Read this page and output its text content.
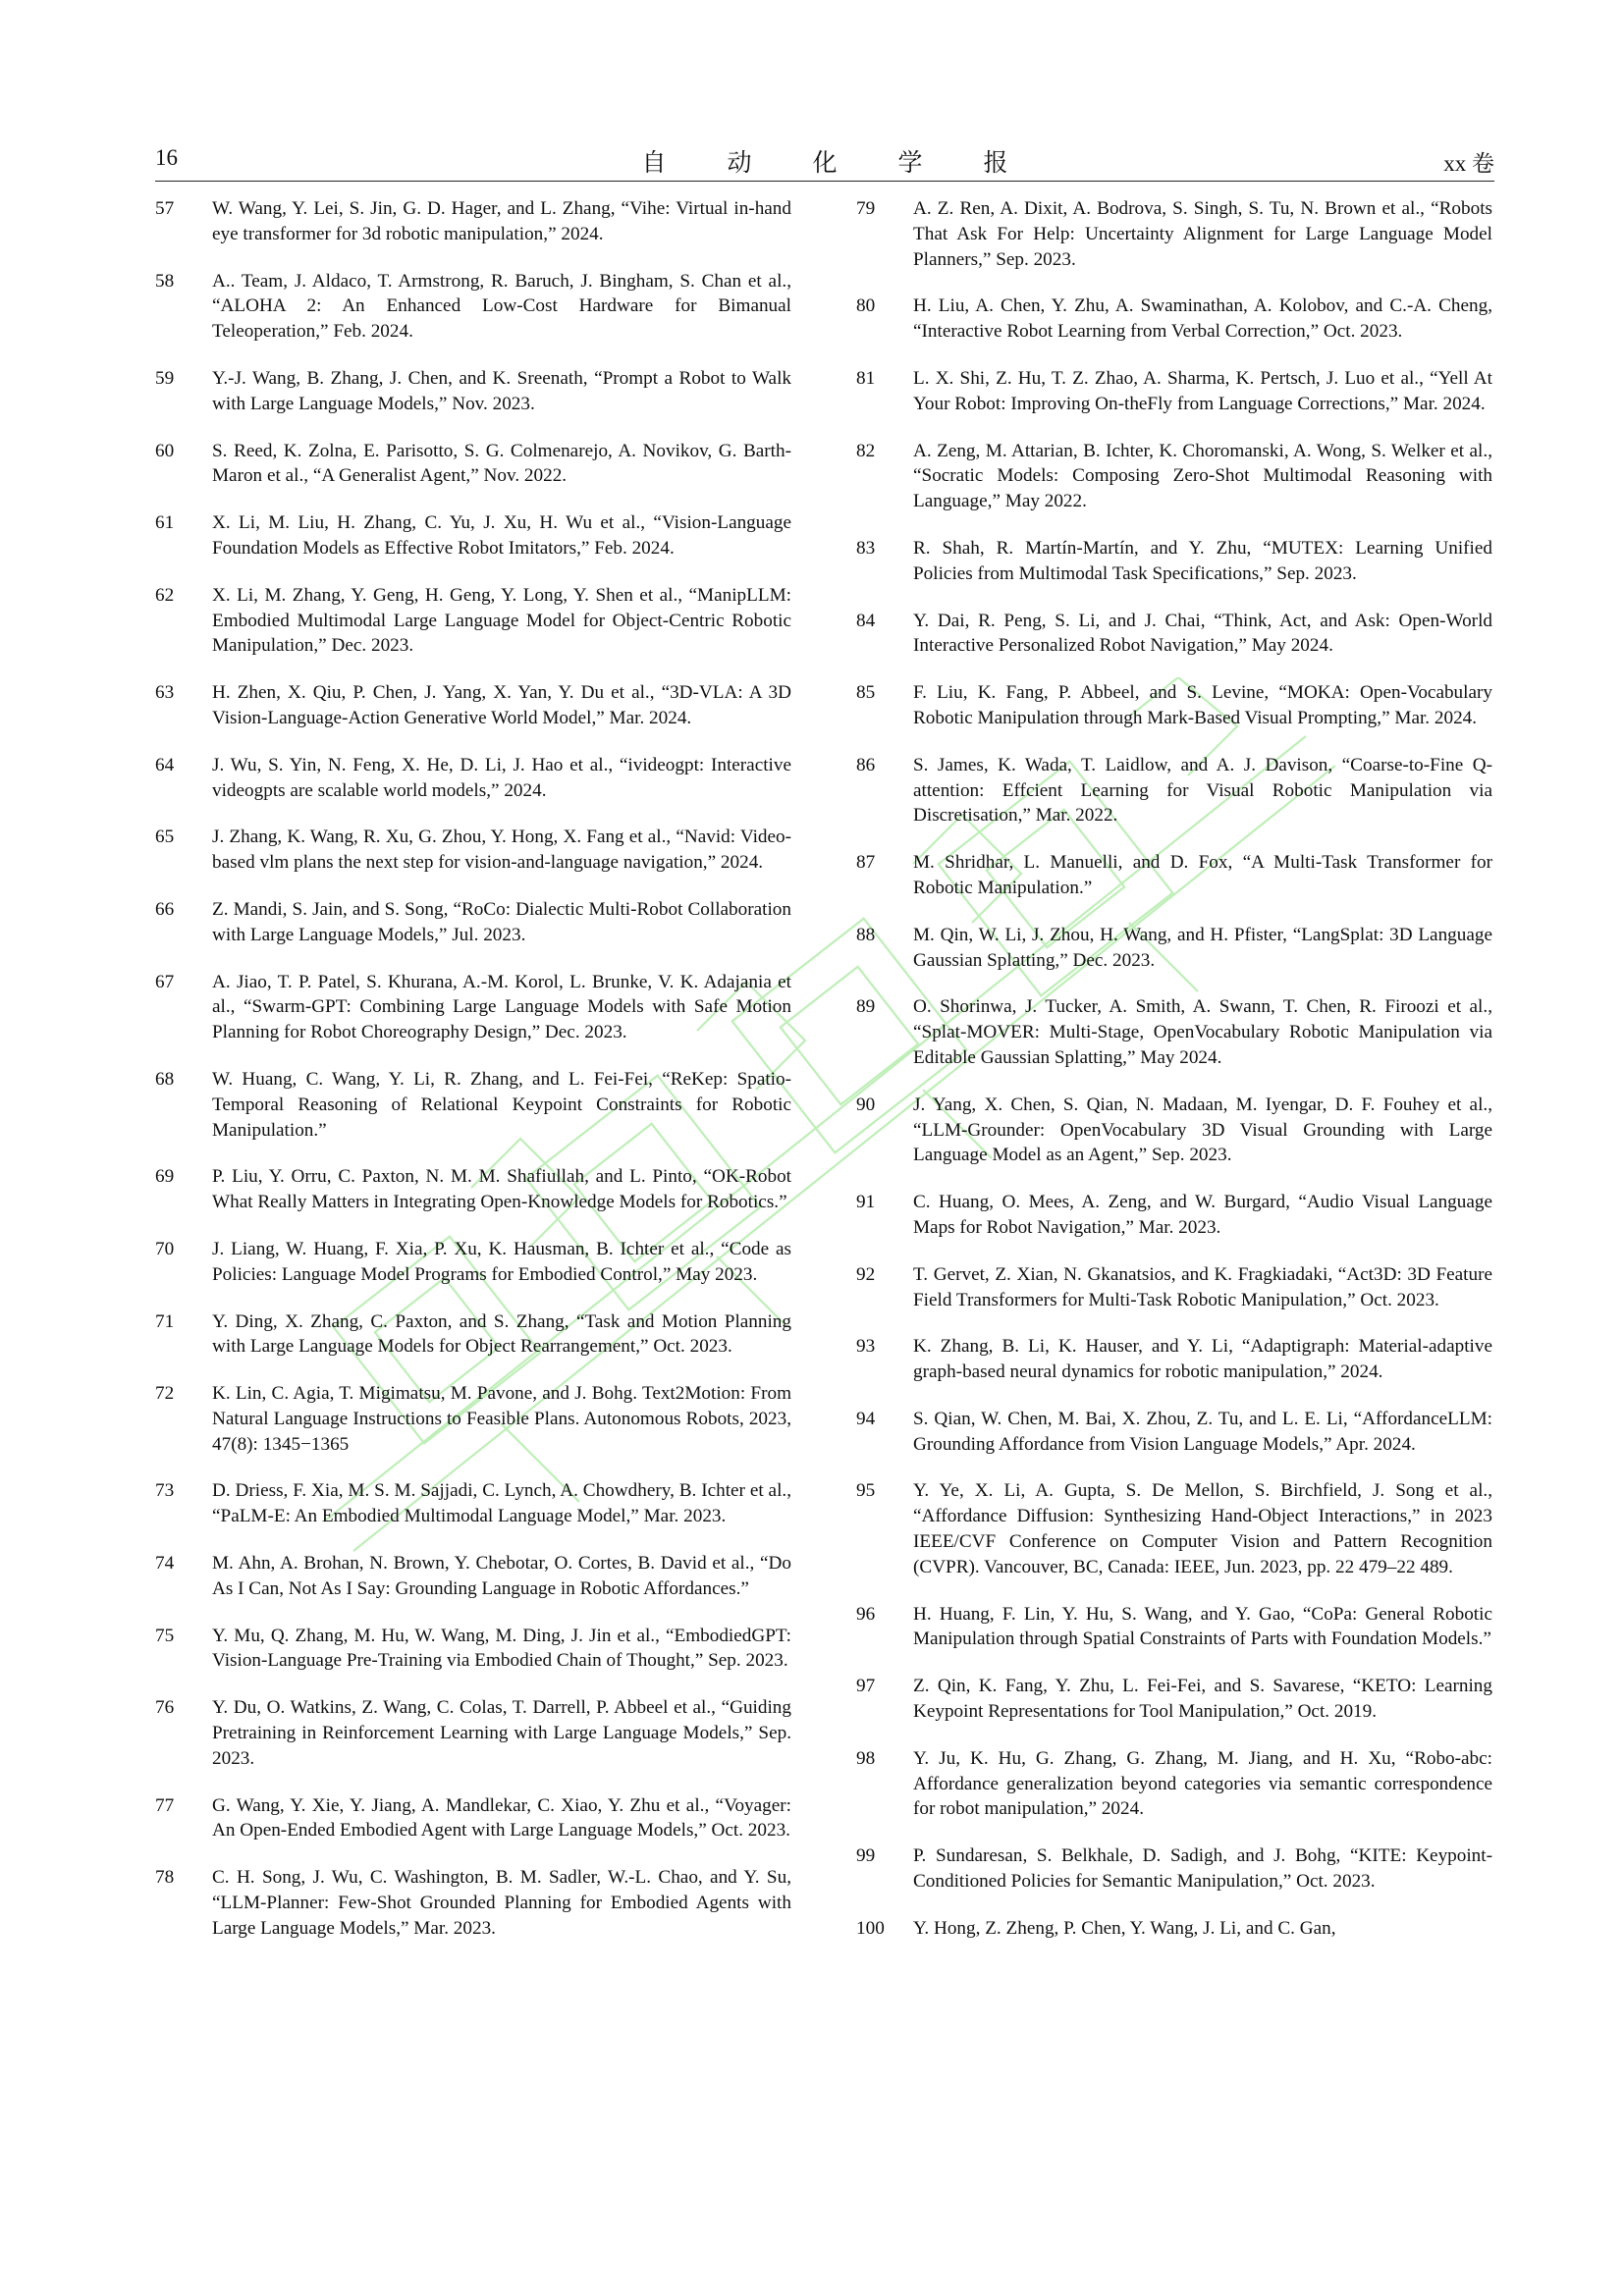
16	自动化学报	xx 卷
57	W. Wang, Y. Lei, S. Jin, G. D. Hager, and L. Zhang, “Vihe: Virtual in-hand eye transformer for 3d robotic manipulation,” 2024.
58	A.. Team, J. Aldaco, T. Armstrong, R. Baruch, J. Bingham, S. Chan et al., “ALOHA 2: An Enhanced Low-Cost Hardware for Bimanual Teleoperation,” Feb. 2024.
59	Y.-J. Wang, B. Zhang, J. Chen, and K. Sreenath, “Prompt a Robot to Walk with Large Language Models,” Nov. 2023.
60	S. Reed, K. Zolna, E. Parisotto, S. G. Colmenarejo, A. Novikov, G. Barth-Maron et al., “A Generalist Agent,” Nov. 2022.
61	X. Li, M. Liu, H. Zhang, C. Yu, J. Xu, H. Wu et al., “Vision-Language Foundation Models as Effective Robot Imitators,” Feb. 2024.
62	X. Li, M. Zhang, Y. Geng, H. Geng, Y. Long, Y. Shen et al., “ManipLLM: Embodied Multimodal Large Language Model for Object-Centric Robotic Manipulation,” Dec. 2023.
63	H. Zhen, X. Qiu, P. Chen, J. Yang, X. Yan, Y. Du et al., “3D-VLA: A 3D Vision-Language-Action Generative World Model,” Mar. 2024.
64	J. Wu, S. Yin, N. Feng, X. He, D. Li, J. Hao et al., “ivideogpt: Interactive videogpts are scalable world models,” 2024.
65	J. Zhang, K. Wang, R. Xu, G. Zhou, Y. Hong, X. Fang et al., “Navid: Video-based vlm plans the next step for vision-and-language navigation,” 2024.
66	Z. Mandi, S. Jain, and S. Song, “RoCo: Dialectic Multi-Robot Collaboration with Large Language Models,” Jul. 2023.
67	A. Jiao, T. P. Patel, S. Khurana, A.-M. Korol, L. Brunke, V. K. Adajania et al., “Swarm-GPT: Combining Large Language Models with Safe Motion Planning for Robot Choreography Design,” Dec. 2023.
68	W. Huang, C. Wang, Y. Li, R. Zhang, and L. Fei-Fei, “ReKep: Spatio-Temporal Reasoning of Relational Keypoint Constraints for Robotic Manipulation.”
69	P. Liu, Y. Orru, C. Paxton, N. M. M. Shafiullah, and L. Pinto, “OK-Robot What Really Matters in Integrating Open-Knowledge Models for Robotics.”
70	J. Liang, W. Huang, F. Xia, P. Xu, K. Hausman, B. Ichter et al., “Code as Policies: Language Model Programs for Embodied Control,” May 2023.
71	Y. Ding, X. Zhang, C. Paxton, and S. Zhang, “Task and Motion Planning with Large Language Models for Object Rearrangement,” Oct. 2023.
72	K. Lin, C. Agia, T. Migimatsu, M. Pavone, and J. Bohg. Text2Motion: From Natural Language Instructions to Feasible Plans. Autonomous Robots, 2023, 47(8): 1345−1365
73	D. Driess, F. Xia, M. S. M. Sajjadi, C. Lynch, A. Chowdhery, B. Ichter et al., “PaLM-E: An Embodied Multimodal Language Model,” Mar. 2023.
74	M. Ahn, A. Brohan, N. Brown, Y. Chebotar, O. Cortes, B. David et al., “Do As I Can, Not As I Say: Grounding Language in Robotic Affordances.”
75	Y. Mu, Q. Zhang, M. Hu, W. Wang, M. Ding, J. Jin et al., “EmbodiedGPT: Vision-Language Pre-Training via Embodied Chain of Thought,” Sep. 2023.
76	Y. Du, O. Watkins, Z. Wang, C. Colas, T. Darrell, P. Abbeel et al., “Guiding Pretraining in Reinforcement Learning with Large Language Models,” Sep. 2023.
77	G. Wang, Y. Xie, Y. Jiang, A. Mandlekar, C. Xiao, Y. Zhu et al., “Voyager: An Open-Ended Embodied Agent with Large Language Models,” Oct. 2023.
78	C. H. Song, J. Wu, C. Washington, B. M. Sadler, W.-L. Chao, and Y. Su, “LLM-Planner: Few-Shot Grounded Planning for Embodied Agents with Large Language Models,” Mar. 2023.
79	A. Z. Ren, A. Dixit, A. Bodrova, S. Singh, S. Tu, N. Brown et al., “Robots That Ask For Help: Uncertainty Alignment for Large Language Model Planners,” Sep. 2023.
80	H. Liu, A. Chen, Y. Zhu, A. Swaminathan, A. Kolobov, and C.-A. Cheng, “Interactive Robot Learning from Verbal Correction,” Oct. 2023.
81	L. X. Shi, Z. Hu, T. Z. Zhao, A. Sharma, K. Pertsch, J. Luo et al., “Yell At Your Robot: Improving On-theFly from Language Corrections,” Mar. 2024.
82	A. Zeng, M. Attarian, B. Ichter, K. Choromanski, A. Wong, S. Welker et al., “Socratic Models: Composing Zero-Shot Multimodal Reasoning with Language,” May 2022.
83	R. Shah, R. Martín-Martín, and Y. Zhu, “MUTEX: Learning Unified Policies from Multimodal Task Specifications,” Sep. 2023.
84	Y. Dai, R. Peng, S. Li, and J. Chai, “Think, Act, and Ask: Open-World Interactive Personalized Robot Navigation,” May 2024.
85	F. Liu, K. Fang, P. Abbeel, and S. Levine, “MOKA: Open-Vocabulary Robotic Manipulation through Mark-Based Visual Prompting,” Mar. 2024.
86	S. James, K. Wada, T. Laidlow, and A. J. Davison, “Coarse-to-Fine Q-attention: Effcient Learning for Visual Robotic Manipulation via Discretisation,” Mar. 2022.
87	M. Shridhar, L. Manuelli, and D. Fox, “A Multi-Task Transformer for Robotic Manipulation.”
88	M. Qin, W. Li, J. Zhou, H. Wang, and H. Pfister, “LangSplat: 3D Language Gaussian Splatting,” Dec. 2023.
89	O. Shorinwa, J. Tucker, A. Smith, A. Swann, T. Chen, R. Firoozi et al., “Splat-MOVER: Multi-Stage, OpenVocabulary Robotic Manipulation via Editable Gaussian Splatting,” May 2024.
90	J. Yang, X. Chen, S. Qian, N. Madaan, M. Iyengar, D. F. Fouhey et al., “LLM-Grounder: OpenVocabulary 3D Visual Grounding with Large Language Model as an Agent,” Sep. 2023.
91	C. Huang, O. Mees, A. Zeng, and W. Burgard, “Audio Visual Language Maps for Robot Navigation,” Mar. 2023.
92	T. Gervet, Z. Xian, N. Gkanatsios, and K. Fragkiadaki, “Act3D: 3D Feature Field Transformers for Multi-Task Robotic Manipulation,” Oct. 2023.
93	K. Zhang, B. Li, K. Hauser, and Y. Li, “Adaptigraph: Material-adaptive graph-based neural dynamics for robotic manipulation,” 2024.
94	S. Qian, W. Chen, M. Bai, X. Zhou, Z. Tu, and L. E. Li, “AffordanceLLM: Grounding Affordance from Vision Language Models,” Apr. 2024.
95	Y. Ye, X. Li, A. Gupta, S. De Mellon, S. Birchfield, J. Song et al., “Affordance Diffusion: Synthesizing Hand-Object Interactions,” in 2023 IEEE/CVF Conference on Computer Vision and Pattern Recognition (CVPR). Vancouver, BC, Canada: IEEE, Jun. 2023, pp. 22 479–22 489.
96	H. Huang, F. Lin, Y. Hu, S. Wang, and Y. Gao, “CoPa: General Robotic Manipulation through Spatial Constraints of Parts with Foundation Models.”
97	Z. Qin, K. Fang, Y. Zhu, L. Fei-Fei, and S. Savarese, “KETO: Learning Keypoint Representations for Tool Manipulation,” Oct. 2019.
98	Y. Ju, K. Hu, G. Zhang, G. Zhang, M. Jiang, and H. Xu, “Robo-abc: Affordance generalization beyond categories via semantic correspondence for robot manipulation,” 2024.
99	P. Sundaresan, S. Belkhale, D. Sadigh, and J. Bohg, “KITE: Keypoint-Conditioned Policies for Semantic Manipulation,” Oct. 2023.
100	Y. Hong, Z. Zheng, P. Chen, Y. Wang, J. Li, and C. Gan,
